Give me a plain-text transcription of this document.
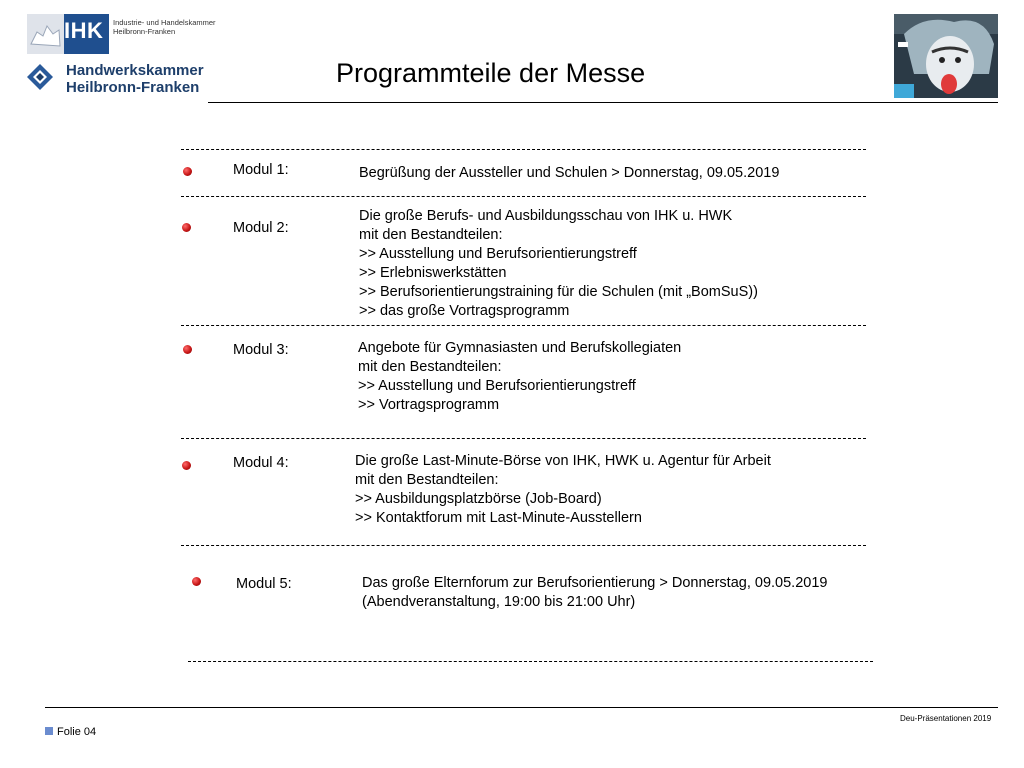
IHK Industrie- und Handelskammer
Heilbronn-Franken
Handwerkskammer
Heilbronn-Franken	Programmteile der Messe
Modul 1:	Begrüßung der Aussteller und Schulen > Donnerstag, 09.05.2019
Modul 2:
Die große Berufs- und Ausbildungsschau von IHK u. HWK
mit den Bestandteilen:
>> Ausstellung und Berufsorientierungstreff
>> Erlebniswerkstätten
>> Berufsorientierungstraining für die Schulen (mit „BomSuS))
>> das große Vortragsprogramm
Modul 3:	Angebote für Gymnasiasten und Berufskollegiaten
mit den Bestandteilen:
>> Ausstellung und Berufsorientierungstreff
>> Vortragsprogramm
Modul 4:	Die große Last-Minute-Börse von IHK, HWK u. Agentur für Arbeit
mit den Bestandteilen:
>> Ausbildungsplatzbörse (Job-Board)
>> Kontaktforum mit Last-Minute-Ausstellern
Modul 5:	Das große Elternforum zur Berufsorientierung > Donnerstag, 09.05.2019
(Abendveranstaltung, 19:00 bis 21:00 Uhr)
Deu-Präsentationen 2019
Folie 04
